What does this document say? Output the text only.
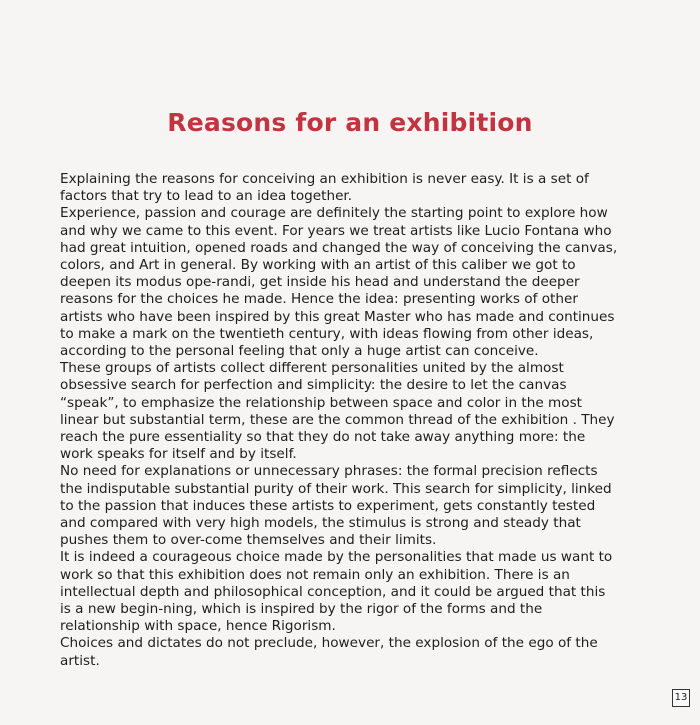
Reasons for an exhibition

Explaining the reasons for conceiving an exhibition is never easy. It is a set of factors that try to lead to an idea together.

Experience, passion and courage are definitely the starting point to explore how and why we came to this event. For years we treat artists like Lucio Fontana who had great intuition, opened roads and changed the way of conceiving the canvas, colors, and Art in general. By working with an artist of this caliber we got to deepen its modus ope-randi, get inside his head and understand the deeper reasons for the choices he made. Hence the idea: presenting works of other artists who have been inspired by this great Master who has made and continues to make a mark on the twentieth century, with ideas flowing from other ideas, according to the personal feeling that only a huge artist can conceive.

These groups of artists collect different personalities united by the almost obsessive search for perfection and simplicity: the desire to let the canvas “speak”, to emphasize the relationship between space and color in the most linear but substantial term, these are the common thread of the exhibition . They reach the pure essentiality so that they do not take away anything more: the work speaks for itself and by itself.

No need for explanations or unnecessary phrases: the formal precision reflects the indisputable substantial purity of their work. This search for simplicity, linked to the passion that induces these artists to experiment, gets constantly tested and compared with very high models, the stimulus is strong and steady that pushes them to over-come themselves and their limits.

It is indeed a courageous choice made by the personalities that made us want to work so that this exhibition does not remain only an exhibition. There is an intellectual depth and philosophical conception, and it could be argued that this is a new begin-ning, which is inspired by the rigor of the forms and the relationship with space, hence Rigorism.

Choices and dictates do not preclude, however, the explosion of the ego of the artist.

13
